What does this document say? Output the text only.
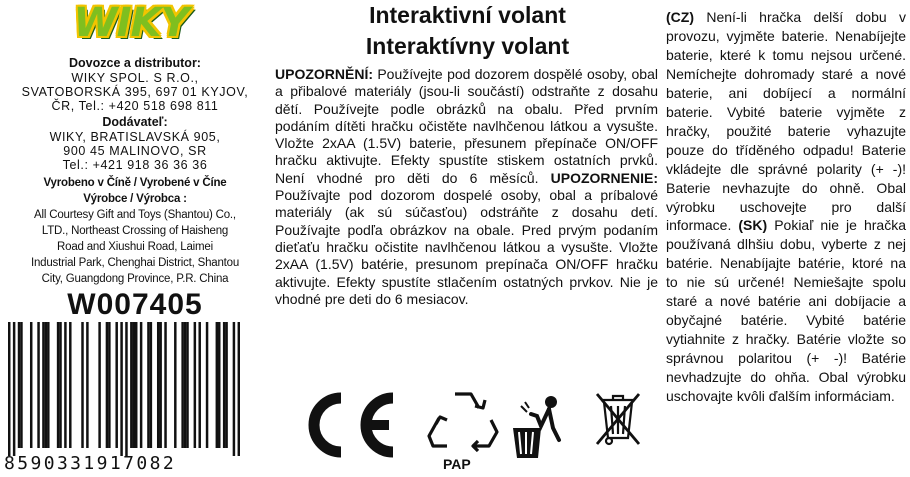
WIKY
Dovozce a distributor:
WIKY SPOL. S R.O.,
SVATOBORSKÁ 395, 697 01 KYJOV,
ČR, Tel.: +420 518 698 811
Dodávateľ:
WIKY, BRATISLAVSKÁ 905,
900 45 MALINOVO, SR
Tel.: +421 918 36 36 36
Vyrobeno v Číně / Vyrobené v Číne
Výrobce / Výrobca :
All Courtesy Gift and Toys (Shantou) Co.,
LTD., Northeast Crossing of Haisheng
Road and Xiushui Road, Laimei
Industrial Park, Chenghai District, Shantou
City, Guangdong Province, P.R. China
W007405
8590331917082
Interaktivní volant
Interaktívny volant
UPOZORNĚNÍ: Používejte pod dozorem dospělé osoby, obal a přibalové materiály (jsou-li součástí) odstraňte z dosahu dětí. Používejte podle obrázků na obalu. Před prvním podáním dítěti hračku očistěte navlhčenou látkou a vysušte. Vložte 2xAA (1.5V) baterie, přesunem přepínače ON/OFF hračku aktivujte. Efekty spustíte stiskem ostatních prvků. Není vhodné pro děti do 6 měsíců. UPOZORNENIE: Používajte pod dozorom dospelé osoby, obal a príbalové materiály (ak sú súčasťou) odstráňte z dosahu detí. Používajte podľa obrázkov na obale. Pred prvým podaním dieťaťu hračku očistite navlhčenou látkou a vysušte. Vložte 2xAA (1.5V) batérie, presunom prepínača ON/OFF hračku aktivujte. Efekty spustíte stlačením ostatných prvkov. Nie je vhodné pre deti do 6 mesiacov.
PAP
(CZ) Není-li hračka delší dobu v provozu, vyjměte baterie. Nenabíjejte baterie, které k tomu nejsou určené. Nemíchejte dohromady staré a nové baterie, ani dobíjecí a normální baterie. Vybité baterie vyjměte z hračky, použité baterie vyhazujte pouze do tříděného odpadu! Baterie vkládejte dle správné polarity (+ -)! Baterie nevhazujte do ohně. Obal výrobku uschovejte pro další informace. (SK) Pokiaľ nie je hračka používaná dlhšiu dobu, vyberte z nej batérie. Nenabíjajte batérie, ktoré na to nie sú určené! Nemiešajte spolu staré a nové batérie ani dobíjacie a obyčajné batérie. Vybité batérie vytiahnite z hračky. Batérie vložte so správnou polaritou (+ -)! Batérie nevhadzujte do ohňa. Obal výrobku uschovajte kvôli ďalším informáciam.
